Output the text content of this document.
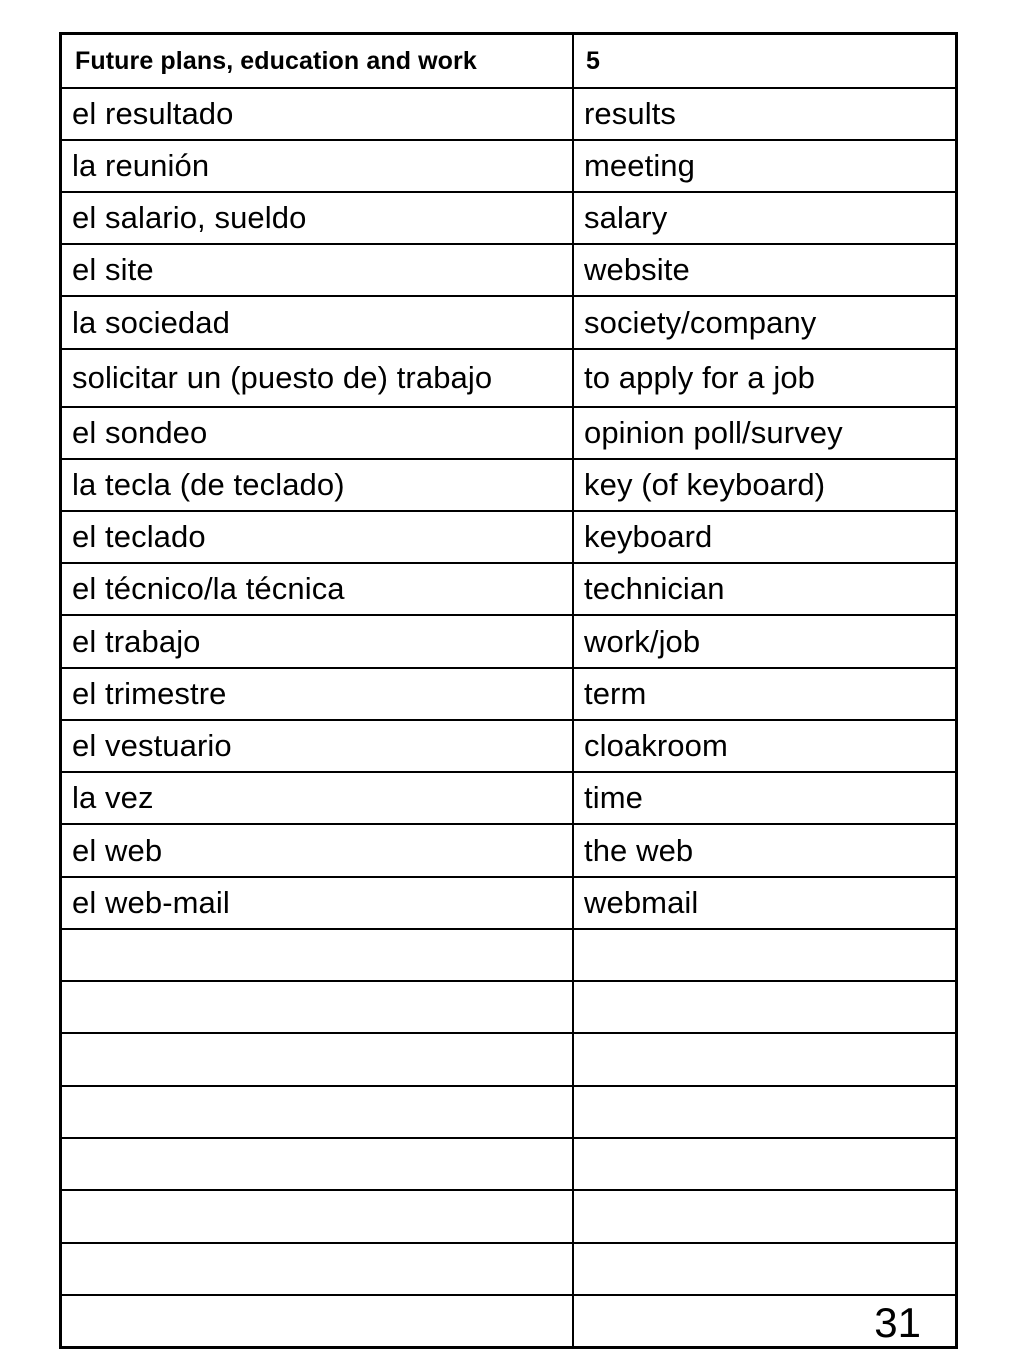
Future plans, education and work	5
el resultado	results
la reunión	meeting
el salario, sueldo	salary
el site	website
la sociedad	society/company
solicitar un (puesto de) trabajo	to apply for a job
el sondeo	opinion poll/survey
la tecla (de teclado)	key (of keyboard)
el teclado	keyboard
el técnico/la técnica	technician
el trabajo	work/job
el trimestre	term
el vestuario	cloakroom
la vez	time
el web	the web
el web-mail	webmail
31
